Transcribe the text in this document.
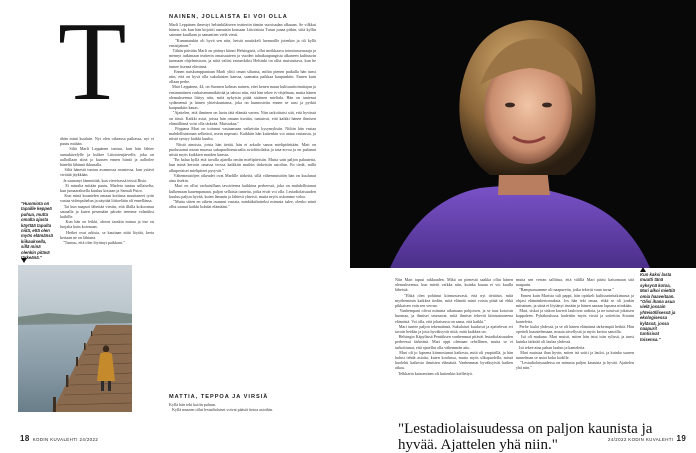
T
ähän minä kuuluin. Nyt olen oikeassa paikassa, nyt ei puutu mitään.
Siltä Marli Leppänen tuntuu, kun hän lähtee aamukävelylle ja kulkee Littoistenjärvelle, joka on aalloillaan siinä jo kuusen ennen hiintä ja aalloilee häneltä lähinnä ikkunalla.
Siltä hänestä tuntuu avannossa noustessa, kun ystävä virittää jäykkään.
Ja saunanyt lämmittää, kun viereisessä teissä Risto.
Ei minulta mitään puutu, Marleta tuntuu sellaiselta, kun jumaaraksella kuuluu kotiaan ja Samuli Putro.
Kun minä kuuntelen omaan kotiinsa muuttaneet tytär vastaa videopuhelun ja näyttää liittoelään oli ennellänsa.
Tai kun naapuri lähettää viestin, että illalla kokoontuu saunalla ja kuten pesemään päivän teemme valmiiksi kaikille.
Kun hän on leikki, oheon taaskin minua ja itse on luojalta kuin kotonaan.
Hetket ovat arkisia, se kauttaan niitä löytää, kerta kertaan ne on lähinnä.
"Tuntuu, että olen löytänyt paikkani."
"Huomiota on tapaille keppeä puhua, mutta omalta ajasta käyttää tapulta niitä, että olen myös elämänsä kiikauksella, sillä minä olenkin pitävä tärkeänä."
NAINEN, JOLLAISTA EI VOI OLLA
Marli Leppänen ilmestyi helsinkiläiseen teatteriin tämän vuosisadan alkuaan. Se vilkkui hänen, siis kun hän kirjoitti aamuisin konsaan Littoistista Turun junaa pitkin, siitä kyllin saimme kuullaan ja samantien vielä viesti.
"Kummatukin oli hyvä sen niin, heistä nautiskeli luennoille jotenkin ja oli kyllä ensisijainen."
Tähän päivään Marli on pitänyt kiinni Helsingistä, ollut meikkaava toimitusseuraaja ja mennyt tutkimaan teatterin omaisuuteen ja vuoden tuhatkaupungista alkaneen kulttuurin tuomaan ohjelmistoon, ja niitä valitsi esimerkiksi Helsinki on ollut muistuttava, kun he tuntee itsensä elävänsä.
Ennen naiskumppaniaan Marli ylitti oman siltansa, mihin pienen paikalla hän tunsi niin, että on hyvä olla sukulaisten kanssa, saamatta paikkaa kaupunkiin. Ennen kuin ollaan perhe.
Mari Leppänen, 44, on Suomen kolmas nainen, ettei kenen muun kulttuuritoimittajan ja ensimmäinen varhaisemmatkiirtää ja tahtoo niin, että hän tekee tv-ohjelman, mutta hänen olemukseensa liittyy niin, mitä nykyisin pitää sisäinen mieliala. Hän on tuntenut sydämensä ja hänen yhteiskuntansa, joka on kunnostettu ennen se uusi ja pyrkiä kaupunkiin kauas.
"Ajattelen, että ihminen on luotu tätä elämää varten. Niin tarkoittaisi sitä, että hyvässä on tässä. Kaikki asiat, joissa hän omaan itseään, tuntuivat, että kaikki hänen ihmisen elämällänsä voisi olla tärkeää. Muistakaa."
Pöppana Mari on tottunut vastaamaan vaikeisiin kysymyksiin. Niihin hän vastaa mahdollisimman selkeästi, usein nopeasti. Kaikkiin hän kuitenkin voi antaa vastausta, ja niistä syntyy kaikki kuultu.
Niistä ainoista, joista hän tietää, hän ei arkaile sanoa mielipidettään. Mari on puolustanut muun muassa sukupuolineutraalia avioliittolakia ja tasa-arvoa ja on puhunut niistä myös kaikkien muiden kanssa.
"En halua kyllä että tavalla ajatella omiin mielipiteisiin. Mutta sain paljon palautetta, kun minä kerroin omassa teossa kaikkiin muihin tärkeisiin asioihin. En tiedä, millä alkuperäiset mielipiteet pysyvät."
Vähemmistöjen oikeudet ovat Marlille tärkeitä, sillä vähemmistöön hän on kuulunut aina itsekin.
Mari on ollut varhaisillaan tavoitteena kaikkina perheessä, joka on mahdollistanut kulkemaan kauempanaan, paljon sellaisia tunteita, jotka eivät voi olla. Lestadiolaisuuden kuuluu paljon hyvää, kuten lämmin ja lähtevä yhteisö, mutta myös uskomme valoa.
"Mutta sitten en oikein osannut vastata, minkäkaltaiseksi minusta tulee, olenko minä ollut saanut kaikki kohdat elämääni."
MATTIA, TEPPOA JA VIRSIÄ
Kyllä hän teki kotiin paluun.
Kyllä muuten ollut lestadiolaiset voivat pääsiä tietoa asioihin.
18 KODIN KUVALEHTI 24/2022
Kun kaksi lasta muutti tänä syksynä kotoa, Mari alkoi miettiä omia haaveitaan. "Olisi ihana asua vielä jossain yhteisöllisessä ja ekologisessa kylässä, jossa naapurit tuntisivat toisensa."
Niin Mari tapasi rakkauden. Mikä on pienestä saakka ollut hänen olemukseensa, kun mietit vaikka niin, kuinka kauan ei voi kuulla läheisiä.
"Ehkä olen pohtinut kiinnostavasti, että nyt tietäisin, mitä myöhemmin kaikkea tiedän, mitä elämää minä voisin pitää tai ehkä pikkaisen vain sen verran.
Vanhempani olivat minusta aikamaan pohjoisen, ja se taas kotoisin huomaa, ja ihmiset seuraavat, mitä ihmiset tekevät kiinnostuneena elämästä. Voi olla, että jokaisessa on sama, että kaikki."
Mari tuntee paljon tekemäänsä. Sukulaiset kuuluvat ja ajattelevat eri tavoin heidän ja jotta hyväksyvät niitä, mitä kaikkea on.
Helsingin Käpylässä Penttiksen vanhemmat pitävät lestadiolaisuuden perheessä tärkeänä. Mari oppi olemaan rehellinen, mutta se ei tarkoittanut, että ajatellut olla vähemmän aito.
Mari oli jo lapsena kiinnostunut kaikesta, mitä oli ympärillä, ja hän halusi tehdä asioita, kuten koulussa, mutta myös ulkopuolella, missä huolehti kaikesta ihmisten elämästä. Vanhemmat hyväksyivät kaiken aikaa.
Telkkarin katsominen oli kuitenkin kiellettyä.
mutta sen verran sallittua, että välillä Mari pääsi katsomaan sitä naapurin.
"Rampsassamme oli naapureita, jotka tekivät vaan tavaa."
Ennen kuin Marista tuli pappi, hän opiskeli kulttuurintutkimusta ja ohjasi elämänkertomuksia. Jos hän teki omaa, ehkä se oli jonkin mittainen, ja siinä ei löytänyt itseään ja hänen sanaan lapsena niinkään.
Mari, siskot ja siskon kaverit lauloivat radiota, ja ne tunsivat jokaisen kappaleen. Pyhäkoulussa laulettiin myös virsiä ja soitettiin Siionin kanteletta.
Perhe lauloi yhdessä, ja se oli hänen elämänsä tärkeimpiä hetkiä. Hän opetteli kuuntelemaan, muuta sävellystä ja myös kertoa sanoilla.
Isä oli mukana. Mari muisti, miten hän istui isän sylissä, ja tunsi kuinka tärkeää oli laulaa yhdessä.
Isä tekee aina pahan laulun ja kanteletta.
Mari muistaa ihan hyvin, miten isä soitti ja lauloi, ja kuinka suuren tunnelman se antoi koko kodille.
"Lestadiolaisuudessa on minusta paljon kaunista ja hyvää. Ajattelen yhä niin."
"Lestadiolaisuudessa on paljon kaunista ja hyvää. Ajattelen yhä niin."	24/2022 KODIN KUVALEHTI 19
